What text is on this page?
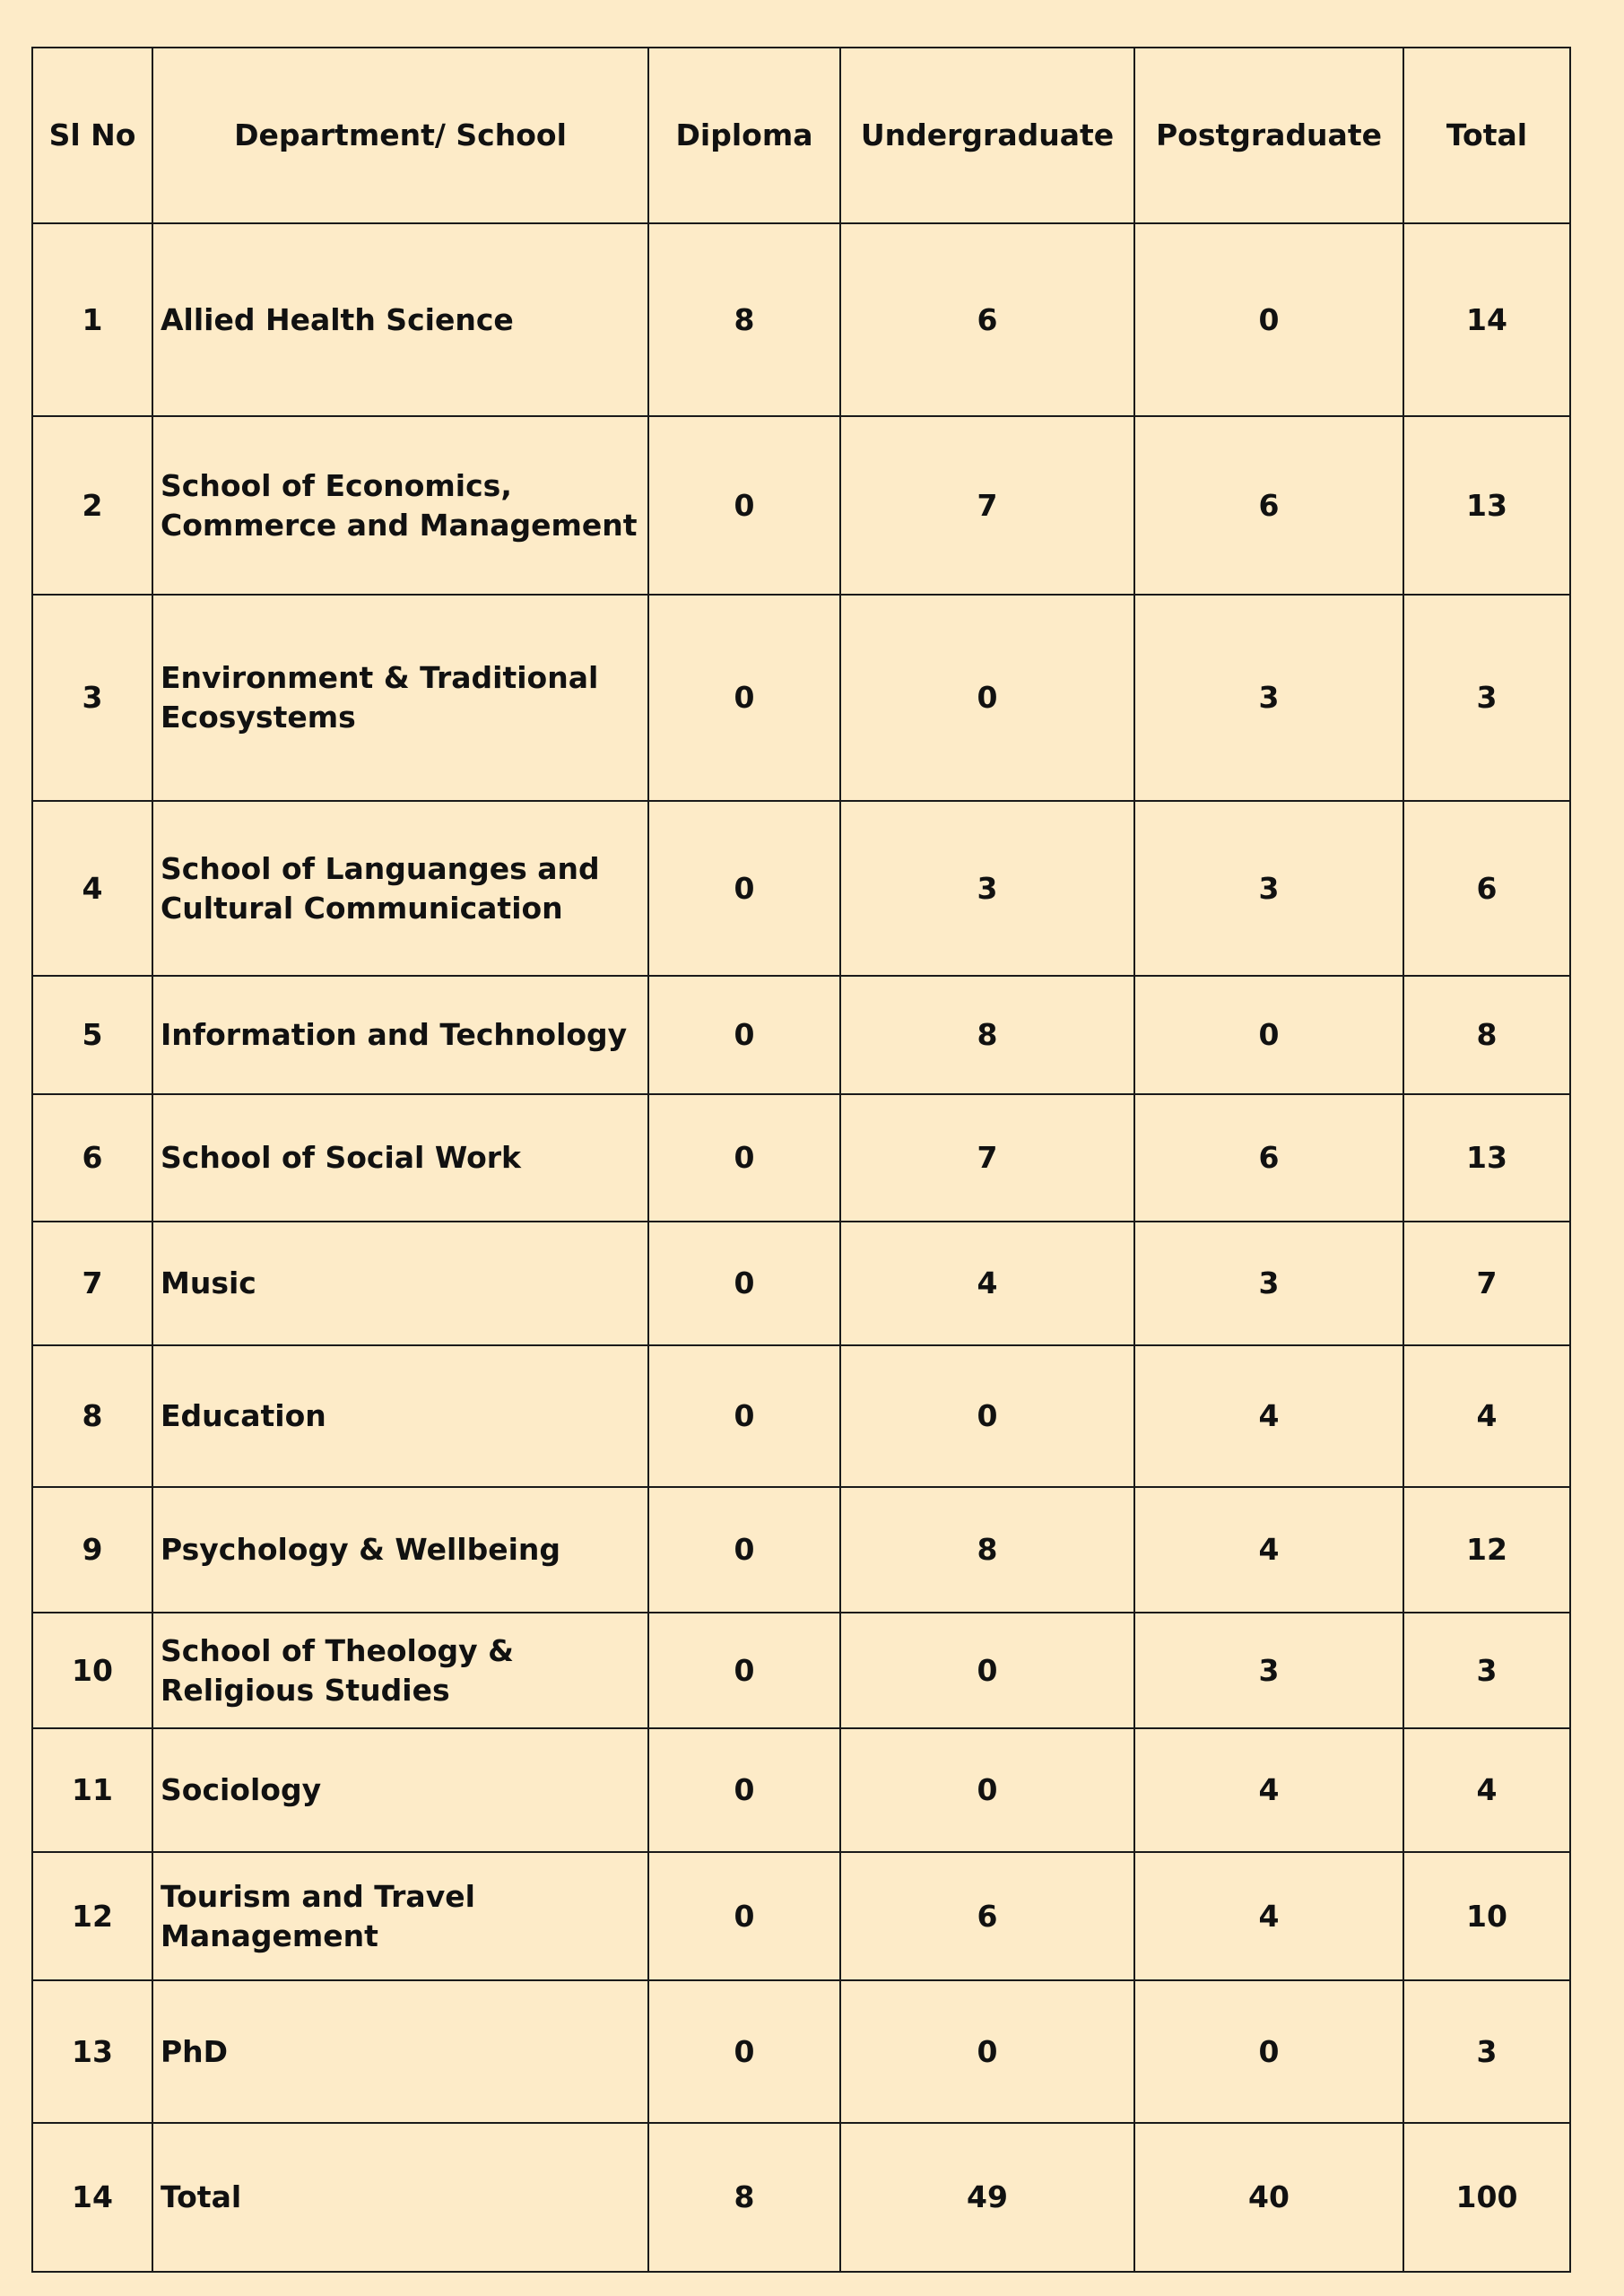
Sl No	Department/ School	Diploma	Undergraduate	Postgraduate	Total
1	Allied Health Science	8	6	0	14
2	School of Economics, Commerce and Management	0	7	6	13
3	Environment & Traditional Ecosystems	0	0	3	3
4	School of Languanges and Cultural Communication	0	3	3	6
5	Information and Technology	0	8	0	8
6	School of Social Work	0	7	6	13
7	Music	0	4	3	7
8	Education	0	0	4	4
9	Psychology & Wellbeing	0	8	4	12
10	School of Theology & Religious Studies	0	0	3	3
11	Sociology	0	0	4	4
12	Tourism and Travel Management	0	6	4	10
13	PhD	0	0	0	3
14	Total	8	49	40	100
